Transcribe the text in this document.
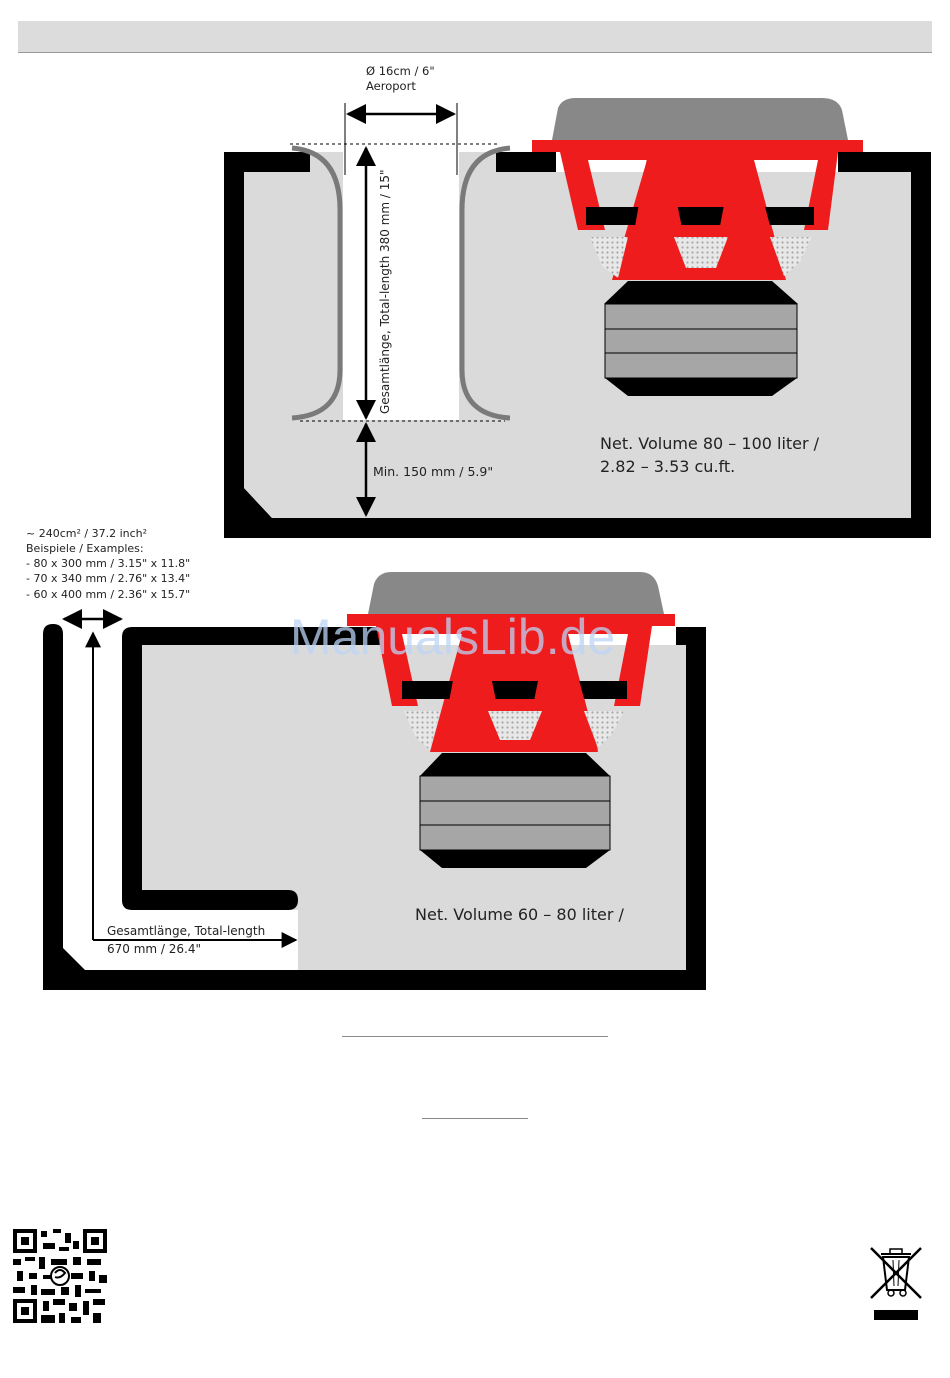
Ø 16cm / 6"
Aeroport
Gesamtlänge, Total-length 380 mm / 15"
Min. 150 mm / 5.9"
Net. Volume 80 – 100 liter /
2.82 – 3.53 cu.ft.
~ 240cm² / 37.2 inch²
Beispiele / Examples:
- 80 x 300 mm / 3.15" x 11.8"
- 70 x 340 mm / 2.76" x 13.4"
- 60 x 400 mm / 2.36" x 15.7"
Gesamtlänge, Total-length
670 mm / 26.4"
Net. Volume 60 – 80 liter /
ManualsLib.de
